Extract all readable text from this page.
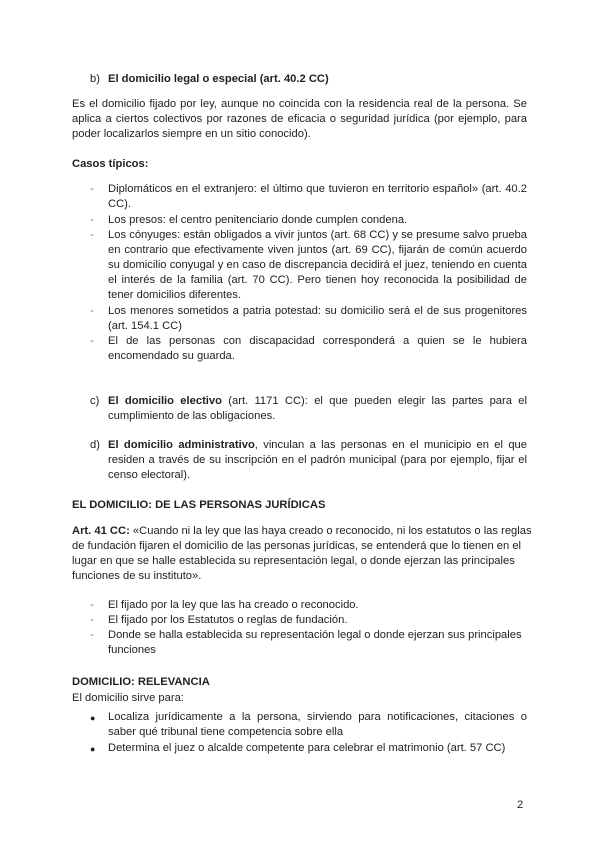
b) El domicilio legal o especial (art. 40.2 CC)

Es el domicilio fijado por ley, aunque no coincida con la residencia real de la persona. Se aplica a ciertos colectivos por razones de eficacia o seguridad jurídica (por ejemplo, para poder localizarlos siempre en un sitio conocido).

Casos típicos:
- Diplomáticos en el extranjero: el último que tuvieron en territorio español» (art. 40.2 CC).

- Los presos: el centro penitenciario donde cumplen condena.

- Los cónyuges: están obligados a vivir juntos (art. 68 CC) y se presume salvo prueba en contrario que efectivamente viven juntos (art. 69 CC), fijarán de común acuerdo su domicilio conyugal y en caso de discrepancia decidirá el juez, teniendo en cuenta el interés de la familia (art. 70 CC). Pero tienen hoy reconocida la posibilidad de tener domicilios diferentes.

- Los menores sometidos a patria potestad: su domicilio será el de sus progenitores (art. 154.1 CC)

- El de las personas con discapacidad corresponderá a quien se le hubiera encomendado su guarda.

c) El domicilio electivo (art. 1171 CC): el que pueden elegir las partes para el cumplimiento de las obligaciones.

d) El domicilio administrativo, vinculan a las personas en el municipio en el que residen a través de su inscripción en el padrón municipal (para por ejemplo, fijar el censo electoral).

EL DOMICILIO: DE LAS PERSONAS JURÍDICAS

Art. 41 CC: «Cuando ni la ley que las haya creado o reconocido, ni los estatutos o las reglas de fundación fijaren el domicilio de las personas jurídicas, se entenderá que lo tienen en el lugar en que se halle establecida su representación legal, o donde ejerzan las principales funciones de su instituto».

- El fijado por la ley que las ha creado o reconocido.

- El fijado por los Estatutos o reglas de fundación.

- Donde se halla establecida su representación legal o donde ejerzan sus principales funciones

DOMICILIO: RELEVANCIA

El domicilio sirve para:

● Localiza jurídicamente a la persona, sirviendo para notificaciones, citaciones o saber qué tribunal tiene competencia sobre ella

● Determina el juez o alcalde competente para celebrar el matrimonio (art. 57 CC)

2
